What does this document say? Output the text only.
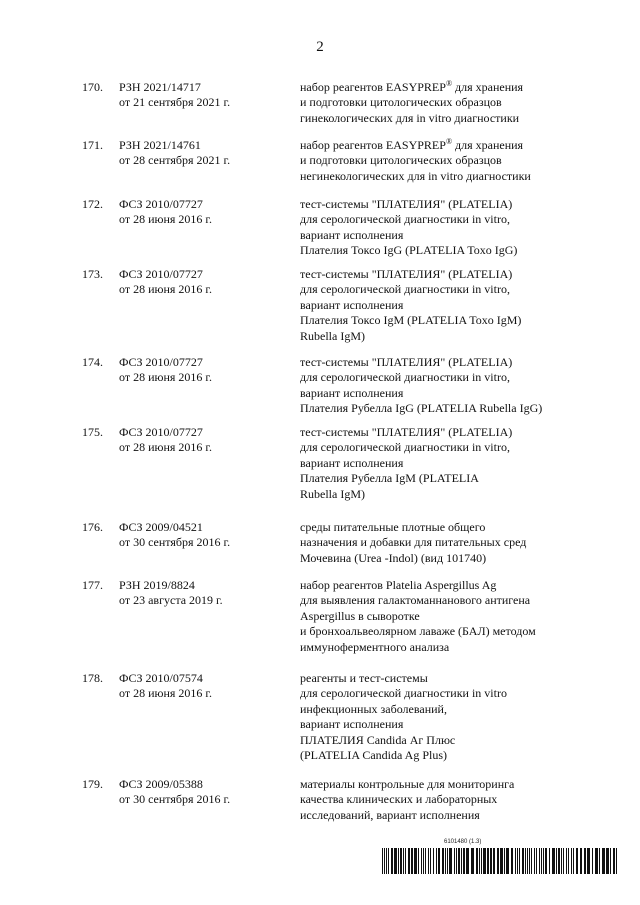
2
170. РЗН 2021/14717
от 21 сентября 2021 г.
набор реагентов EASYPREP® для хранения
и подготовки цитологических образцов
гинекологических для in vitro диагностики
171. РЗН 2021/14761
от 28 сентября 2021 г.
набор реагентов EASYPREP® для хранения
и подготовки цитологических образцов
негинекологических для in vitro диагностики
172. ФСЗ 2010/07727
от 28 июня 2016 г.
тест-системы "ПЛАТЕЛИЯ" (PLATELIA)
для серологической диагностики in vitro,
вариант исполнения
Плателия Токсо IgG (PLATELIA Toxo IgG)
173. ФСЗ 2010/07727
от 28 июня 2016 г.
тест-системы "ПЛАТЕЛИЯ" (PLATELIA)
для серологической диагностики in vitro,
вариант исполнения
Плателия Токсо IgM (PLATELIA Toxo IgM)
Rubella IgM)
174. ФСЗ 2010/07727
от 28 июня 2016 г.
тест-системы "ПЛАТЕЛИЯ" (PLATELIA)
для серологической диагностики in vitro,
вариант исполнения
Плателия Рубелла IgG (PLATELIA Rubella IgG)
175. ФСЗ 2010/07727
от 28 июня 2016 г.
тест-системы "ПЛАТЕЛИЯ" (PLATELIA)
для серологической диагностики in vitro,
вариант исполнения
Плателия Рубелла IgM (PLATELIA
Rubella IgM)
176. ФСЗ 2009/04521
от 30 сентября 2016 г.
среды питательные плотные общего
назначения и добавки для питательных сред
Мочевина (Urea -Indol) (вид 101740)
177. РЗН 2019/8824
от 23 августа 2019 г.
набор реагентов Platelia Aspergillus Ag
для выявления галактоманнанового антигена
Aspergillus в сыворотке
и бронхоальвеолярном лаваже (БАЛ) методом
иммуноферментного анализа
178. ФСЗ 2010/07574
от 28 июня 2016 г.
реагенты и тест-системы
для серологической диагностики in vitro
инфекционных заболеваний,
вариант исполнения
ПЛАТЕЛИЯ Candida Аг Плюс
(PLATELIA Candida Ag Plus)
179. ФСЗ 2009/05388
от 30 сентября 2016 г.
материалы контрольные для мониторинга
качества клинических и лабораторных
исследований, вариант исполнения
6101480 (1.3)
